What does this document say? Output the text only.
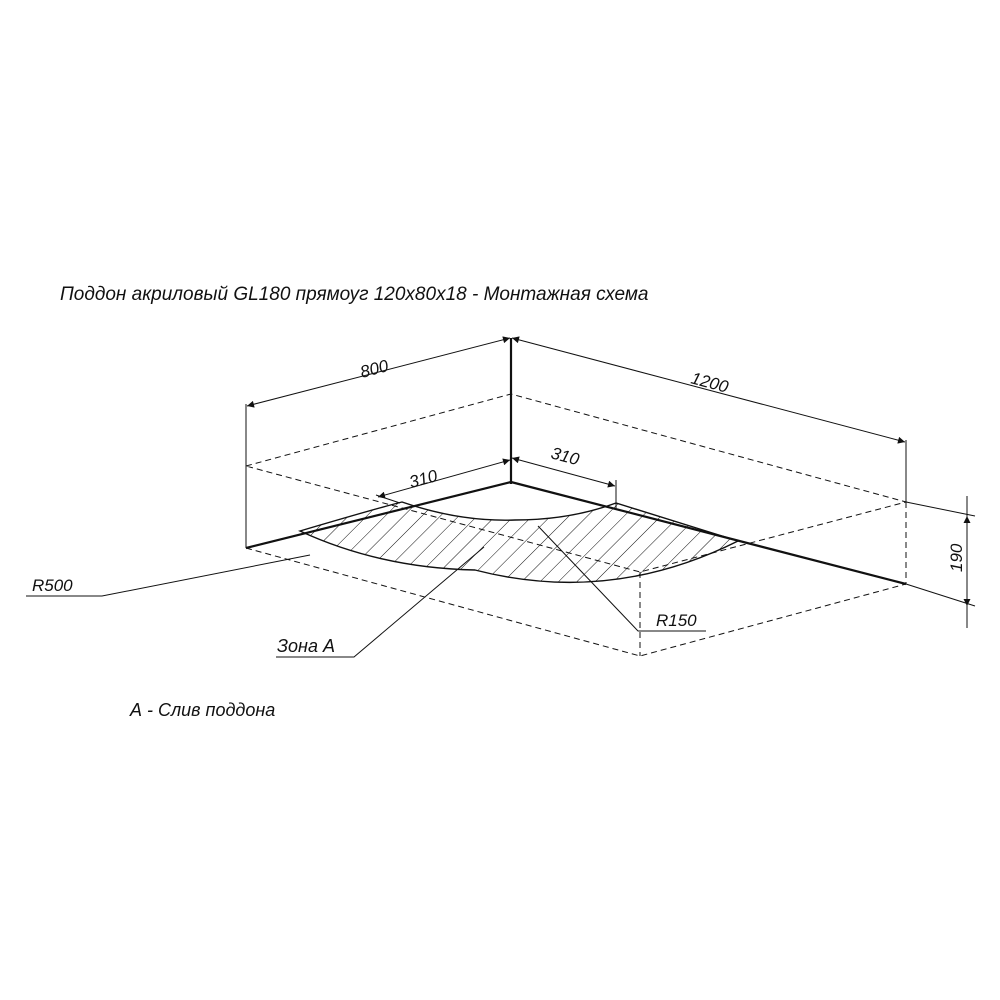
Поддон акриловый GL180 прямоуг 120х80х18 - Монтажная схема
800	1200
310
310
190
R500
R150
Зона А
А - Слив поддона
